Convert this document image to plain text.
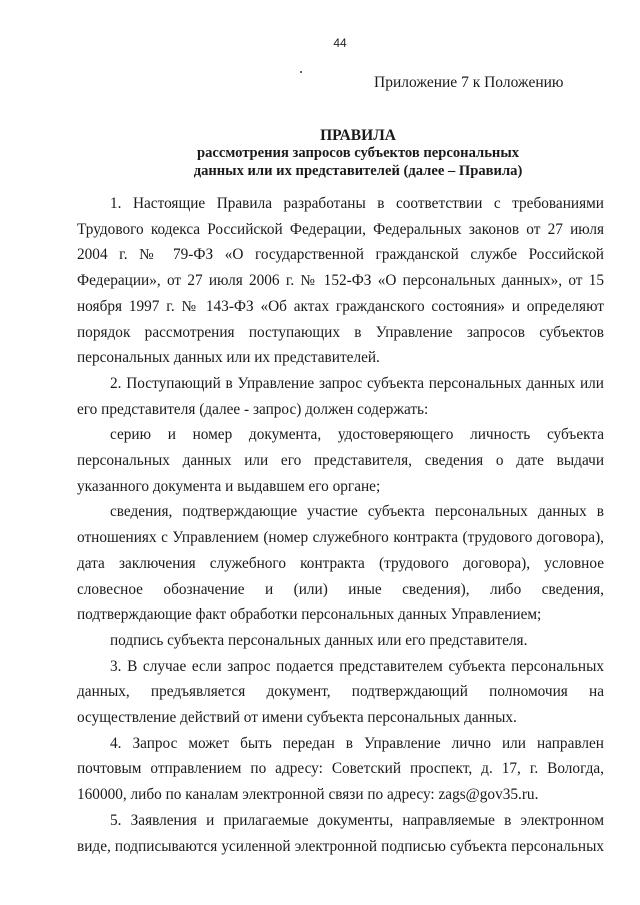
44
Приложение 7 к Положению
ПРАВИЛА
рассмотрения запросов субъектов персональных
данных или их представителей (далее – Правила)

1. Настоящие Правила разработаны в соответствии с требованиями Трудового кодекса Российской Федерации, Федеральных законов от 27 июля 2004 г. № 79-ФЗ «О государственной гражданской службе Российской Федерации», от 27 июля 2006 г. № 152-ФЗ «О персональных данных», от 15 ноября 1997 г. № 143-ФЗ «Об актах гражданского состояния» и определяют порядок рассмотрения поступающих в Управление запросов субъектов персональных данных или их представителей.

2. Поступающий в Управление запрос субъекта персональных данных или его представителя (далее - запрос) должен содержать:

серию и номер документа, удостоверяющего личность субъекта персональных данных или его представителя, сведения о дате выдачи указанного документа и выдавшем его органе;

сведения, подтверждающие участие субъекта персональных данных в отношениях с Управлением (номер служебного контракта (трудового договора), дата заключения служебного контракта (трудового договора), условное словесное обозначение и (или) иные сведения), либо сведения, подтверждающие факт обработки персональных данных Управлением;

подпись субъекта персональных данных или его представителя.

3. В случае если запрос подается представителем субъекта персональных данных, предъявляется документ, подтверждающий полномочия на осуществление действий от имени субъекта персональных данных.

4. Запрос может быть передан в Управление лично или направлен почтовым отправлением по адресу: Советский проспект, д. 17, г. Вологда, 160000, либо по каналам электронной связи по адресу: zags@gov35.ru.

5. Заявления и прилагаемые документы, направляемые в электронном виде, подписываются усиленной электронной подписью субъекта персональных
